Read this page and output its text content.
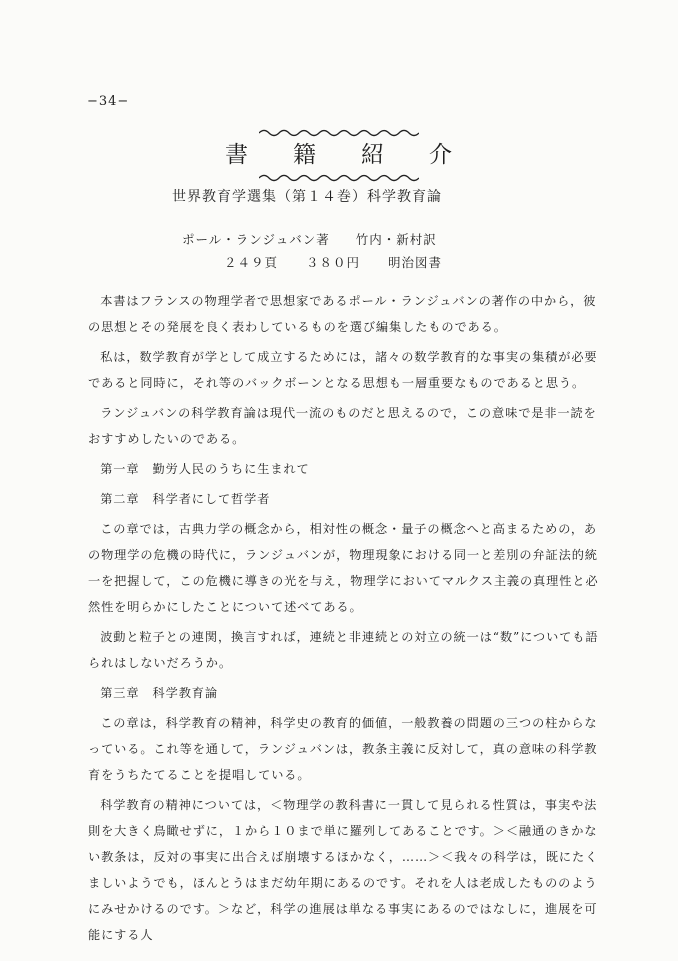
−34−
書　籍　紹　介
世界教育学選集（第１４巻）科学教育論
ポール・ランジュバン著 竹内・新村訳
２４９頁 ３８０円 明治図書

本書はフランスの物理学者で思想家であるポール・ランジュバンの著作の中から，彼の思想とその発展を良く表わしているものを選び編集したものである。

私は，数学教育が学として成立するためには，諸々の数学教育的な事実の集積が必要であると同時に，それ等のバックボーンとなる思想も一層重要なものであると思う。

ランジュバンの科学教育論は現代一流のものだと思えるので，この意味で是非一読をおすすめしたいのである。

第一章　勤労人民のうちに生まれて

第二章　科学者にして哲学者

この章では，古典力学の概念から，相対性の概念・量子の概念へと高まるための，あの物理学の危機の時代に，ランジュバンが，物理現象における同一と差別の弁証法的統一を把握して，この危機に導きの光を与え，物理学においてマルクス主義の真理性と必然性を明らかにしたことについて述べてある。

波動と粒子との連関，換言すれば，連続と非連続との対立の統一は“数”についても語られはしないだろうか。

第三章　科学教育論

この章は，科学教育の精神，科学史の教育的価値，一般教養の問題の三つの柱からなっている。これ等を通して，ランジュバンは，教条主義に反対して，真の意味の科学教育をうちたてることを提唱している。

科学教育の精神については，＜物理学の教科書に一貫して見られる性質は，事実や法則を大きく鳥瞰せずに，１から１０まで単に羅列してあることです。＞＜融通のきかない教条は，反対の事実に出合えば崩壊するほかなく，……＞＜我々の科学は，既にたくましいようでも，ほんとうはまだ幼年期にあるのです。それを人は老成したもののようにみせかけるのです。＞など，科学の進展は単なる事実にあるのではなしに，進展を可能にする人
